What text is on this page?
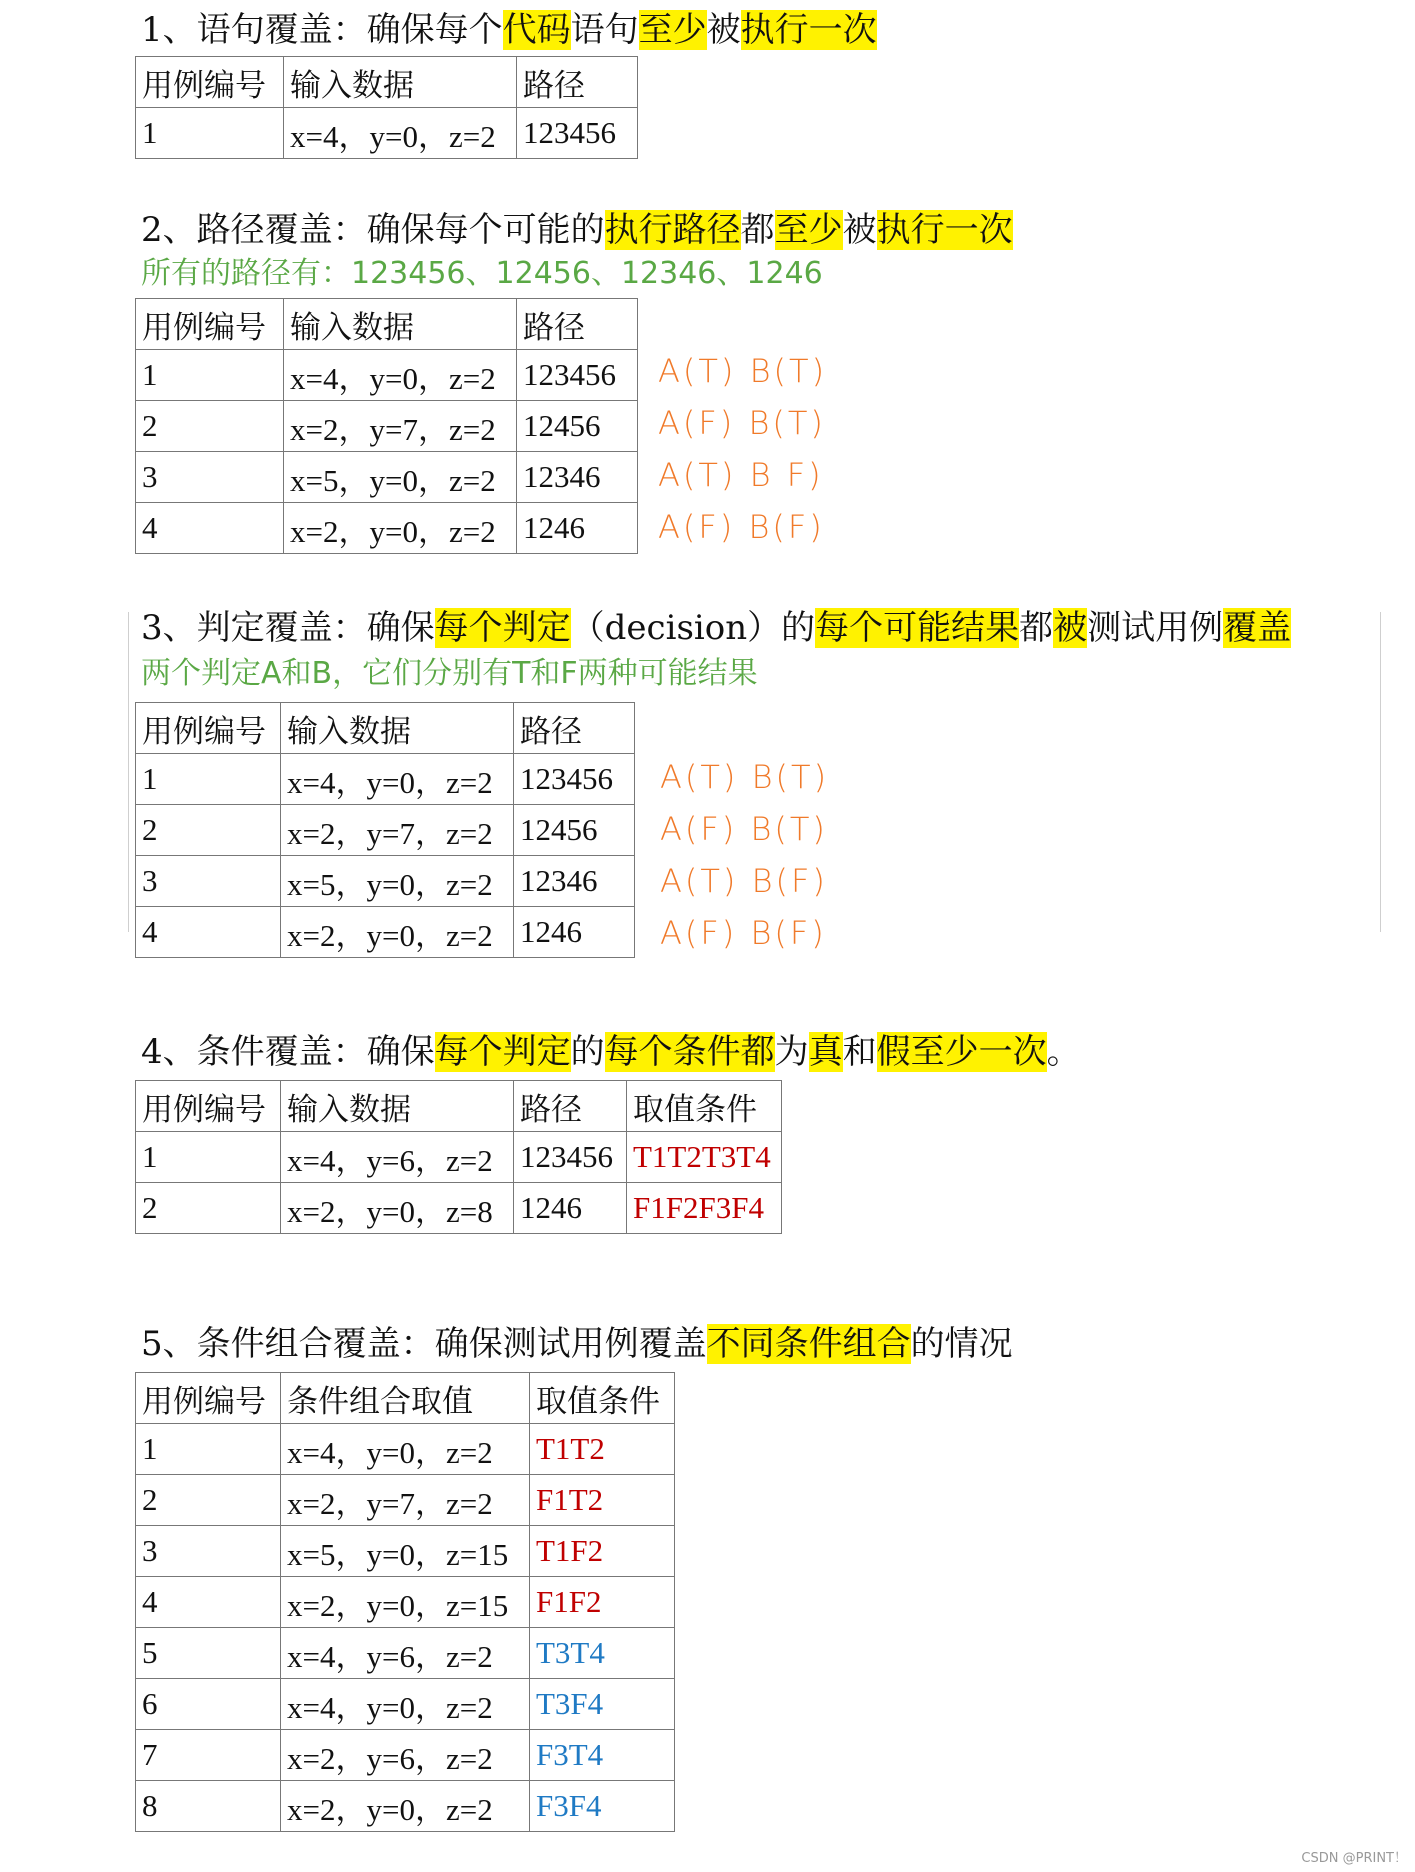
1、语句覆盖：确保每个代码语句至少被执行一次
用例编号	输入数据	路径
1	x=4，y=0，z=2	123456
2、路径覆盖：确保每个可能的执行路径都至少被执行一次
所有的路径有：123456、12456、12346、1246
用例编号	输入数据	路径
1	x=4，y=0，z=2	123456
2	x=2，y=7，z=2	12456
3	x=5，y=0，z=2	12346
4	x=2，y=0，z=2	1246
A(T) B(T)
A(F) B(T)
A(T) B F)
A(F) B(F)
3、判定覆盖：确保每个判定（decision）的每个可能结果都被测试用例覆盖
两个判定A和B，它们分别有T和F两种可能结果
用例编号	输入数据	路径
1	x=4，y=0，z=2	123456
2	x=2，y=7，z=2	12456
3	x=5，y=0，z=2	12346
4	x=2，y=0，z=2	1246
A(T) B(T)
A(F) B(T)
A(T) B(F)
A(F) B(F)
4、条件覆盖：确保每个判定的每个条件都为真和假至少一次。
用例编号	输入数据	路径	取值条件
1	x=4，y=6，z=2	123456	T1T2T3T4
2	x=2，y=0，z=8	1246	F1F2F3F4
5、条件组合覆盖：确保测试用例覆盖不同条件组合的情况
用例编号	条件组合取值	取值条件
1	x=4，y=0，z=2	T1T2
2	x=2，y=7，z=2	F1T2
3	x=5，y=0，z=15	T1F2
4	x=2，y=0，z=15	F1F2
5	x=4，y=6，z=2	T3T4
6	x=4，y=0，z=2	T3F4
7	x=2，y=6，z=2	F3T4
8	x=2，y=0，z=2	F3F4
CSDN @PRINT！
